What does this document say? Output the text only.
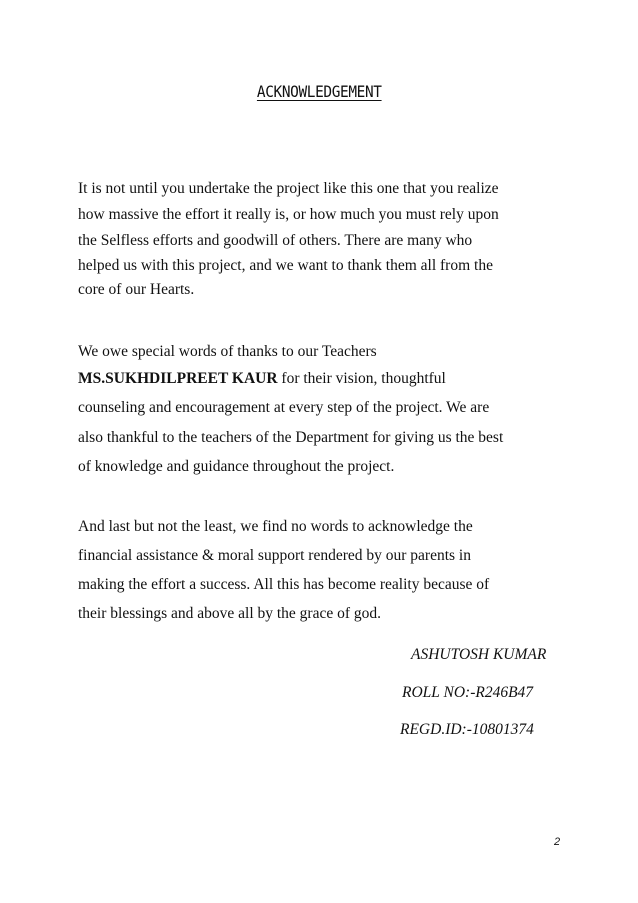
ACKNOWLEDGEMENT
It is not until you undertake the project like this one that you realize
how massive the effort it really is, or how much you must rely upon
the Selfless efforts and goodwill of others. There are many who
helped us with this project, and we want to thank them all from the
core of our Hearts.
We owe special words of thanks to our Teachers
MS.SUKHDILPREET KAUR for their vision, thoughtful
counseling and encouragement at every step of the project. We are
also thankful to the teachers of the Department for giving us the best
of knowledge and guidance throughout the project.
And last but not the least, we find no words to acknowledge the
financial assistance & moral support rendered by our parents in
making the effort a success. All this has become reality because of
their blessings and above all by the grace of god.
ASHUTOSH KUMAR
ROLL NO:-R246B47
REGD.ID:-10801374
2
